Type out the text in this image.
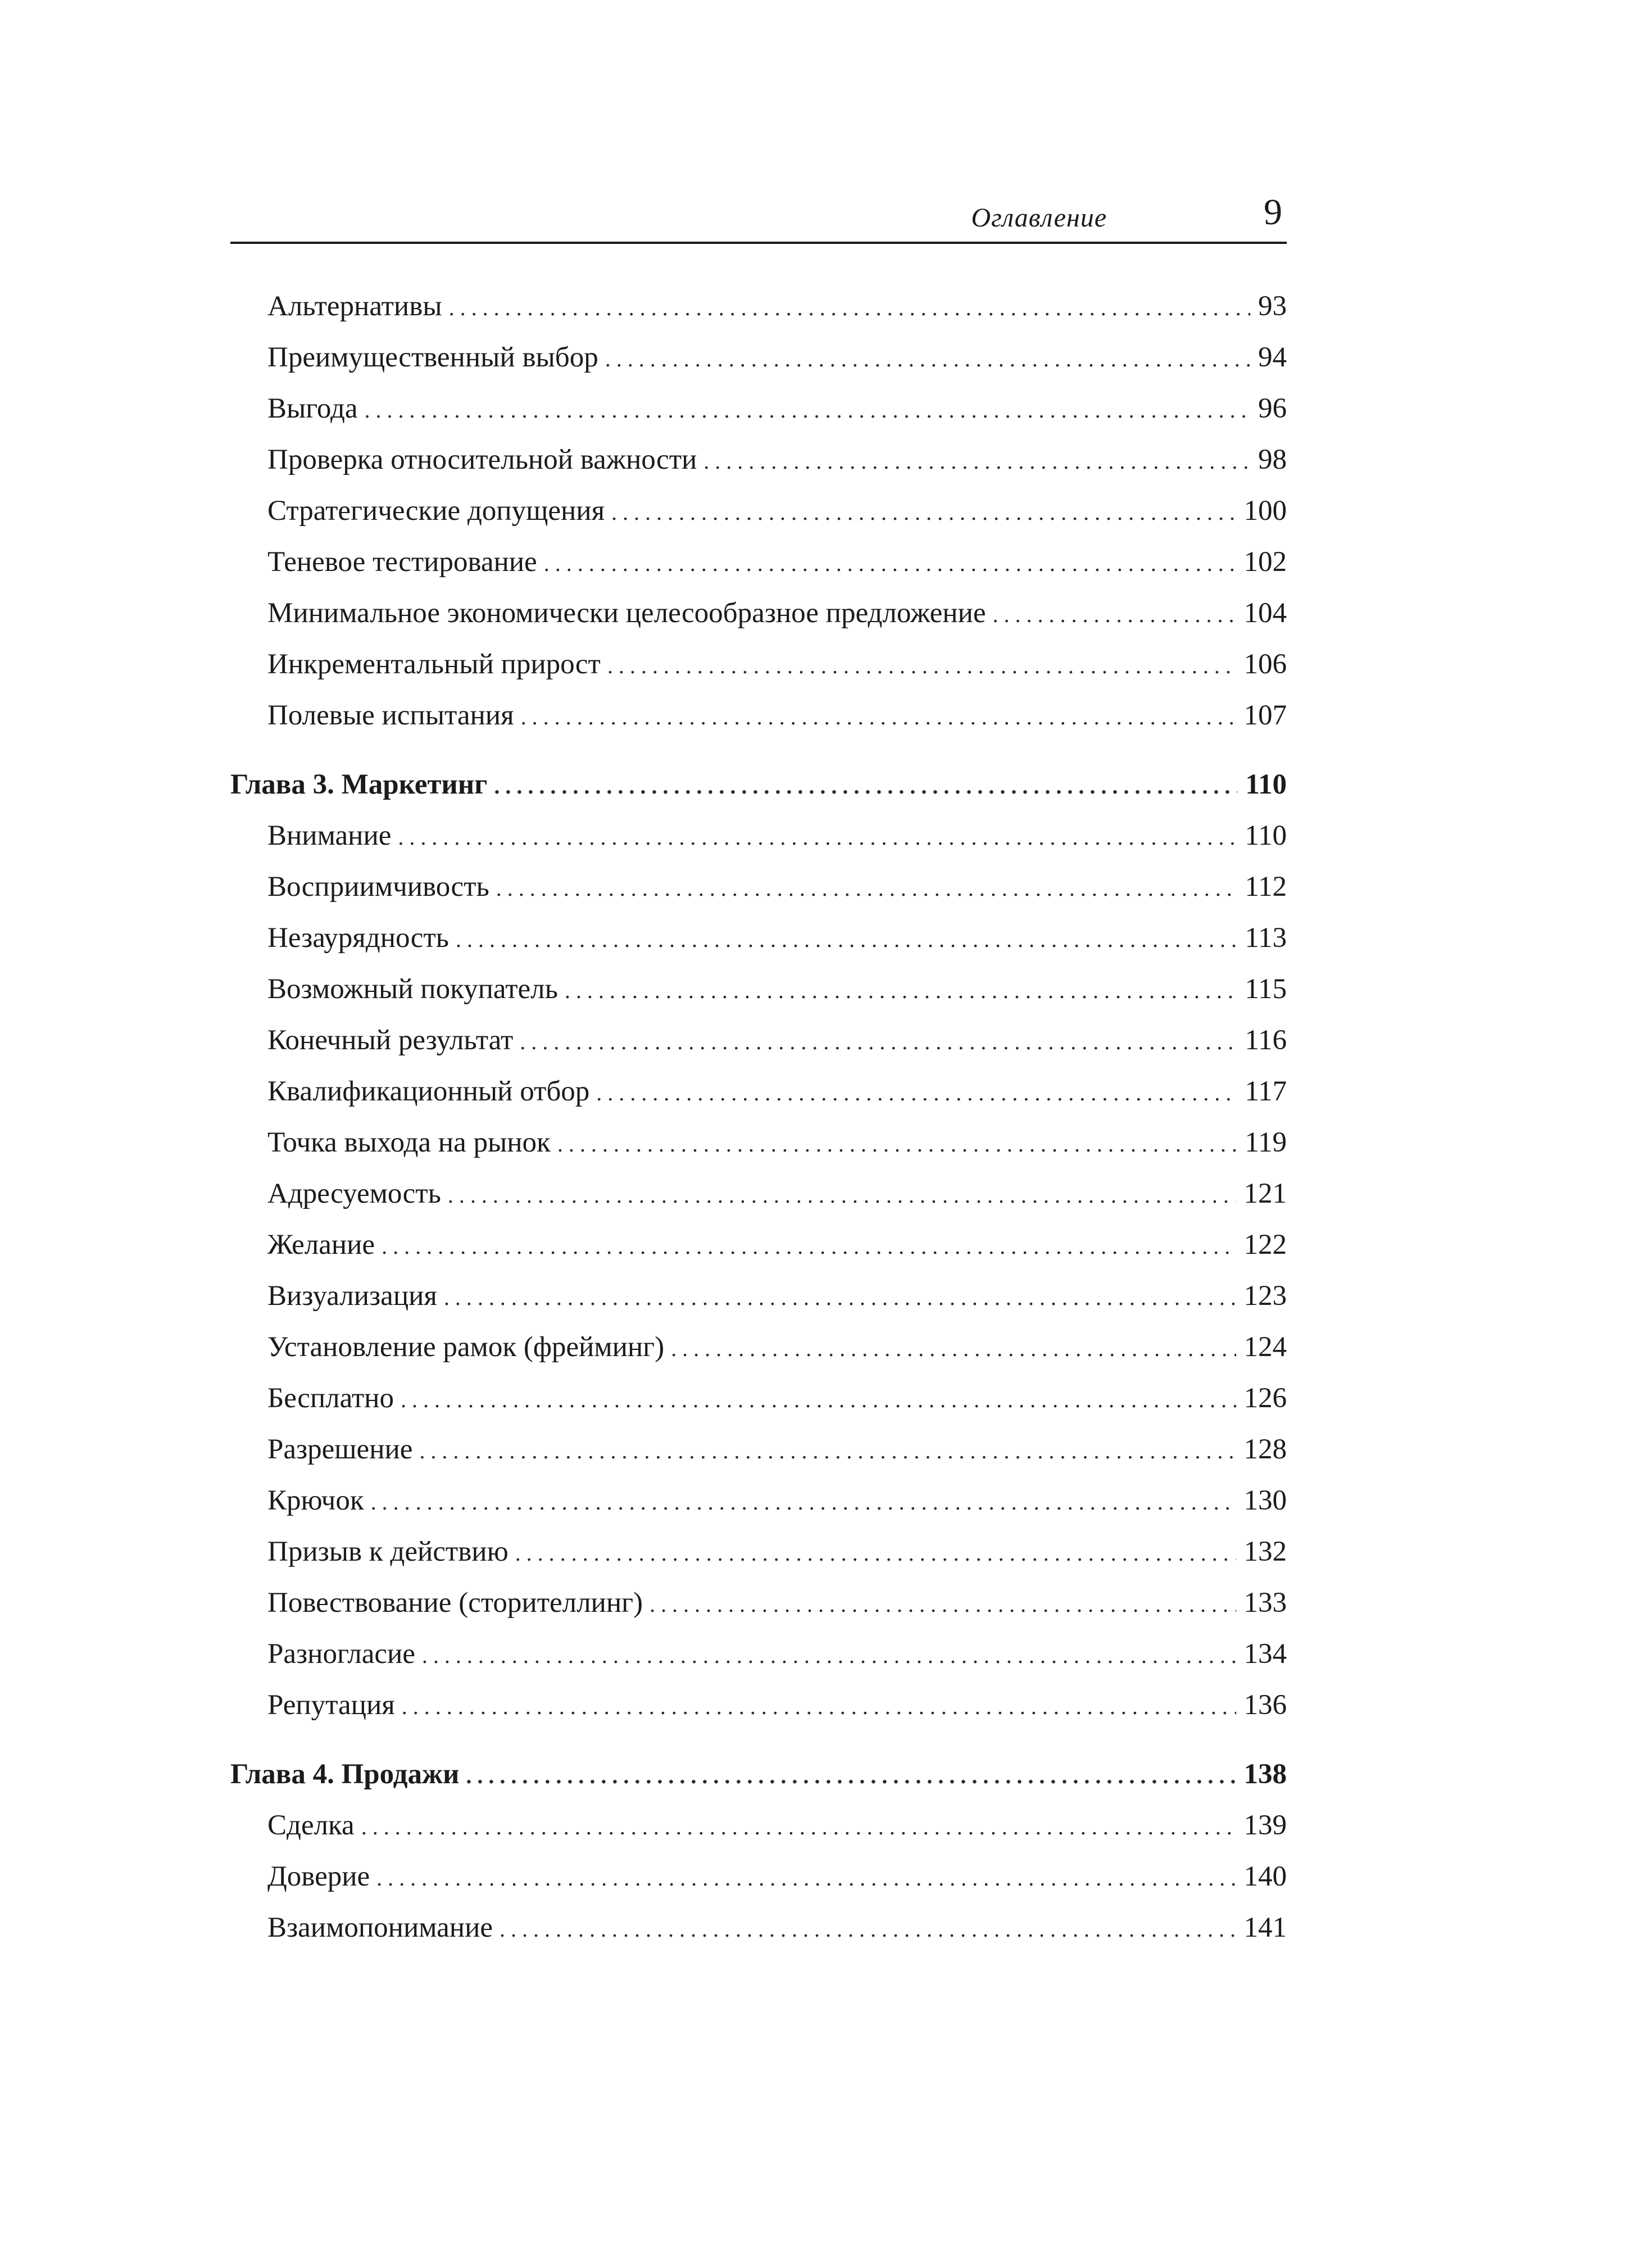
Оглавление	9
Альтернативы .....	93
Преимущественный выбор .....	94
Выгода .....	96
Проверка относительной важности .....	98
Стратегические допущения .....	100
Теневое тестирование .....	102
Минимальное экономически целесообразное предложение .....	104
Инкрементальный прирост .....	106
Полевые испытания .....	107
Глава 3. Маркетинг .....	110
Внимание .....	110
Восприимчивость .....	112
Незаурядность .....	113
Возможный покупатель .....	115
Конечный результат .....	116
Квалификационный отбор .....	117
Точка выхода на рынок .....	119
Адресуемость .....	121
Желание .....	122
Визуализация .....	123
Установление рамок (фрейминг) .....	124
Бесплатно .....	126
Разрешение .....	128
Крючок .....	130
Призыв к действию .....	132
Повествование (сторителлинг) .....	133
Разногласие .....	134
Репутация .....	136
Глава 4. Продажи .....	138
Сделка .....	139
Доверие .....	140
Взаимопонимание .....	141
